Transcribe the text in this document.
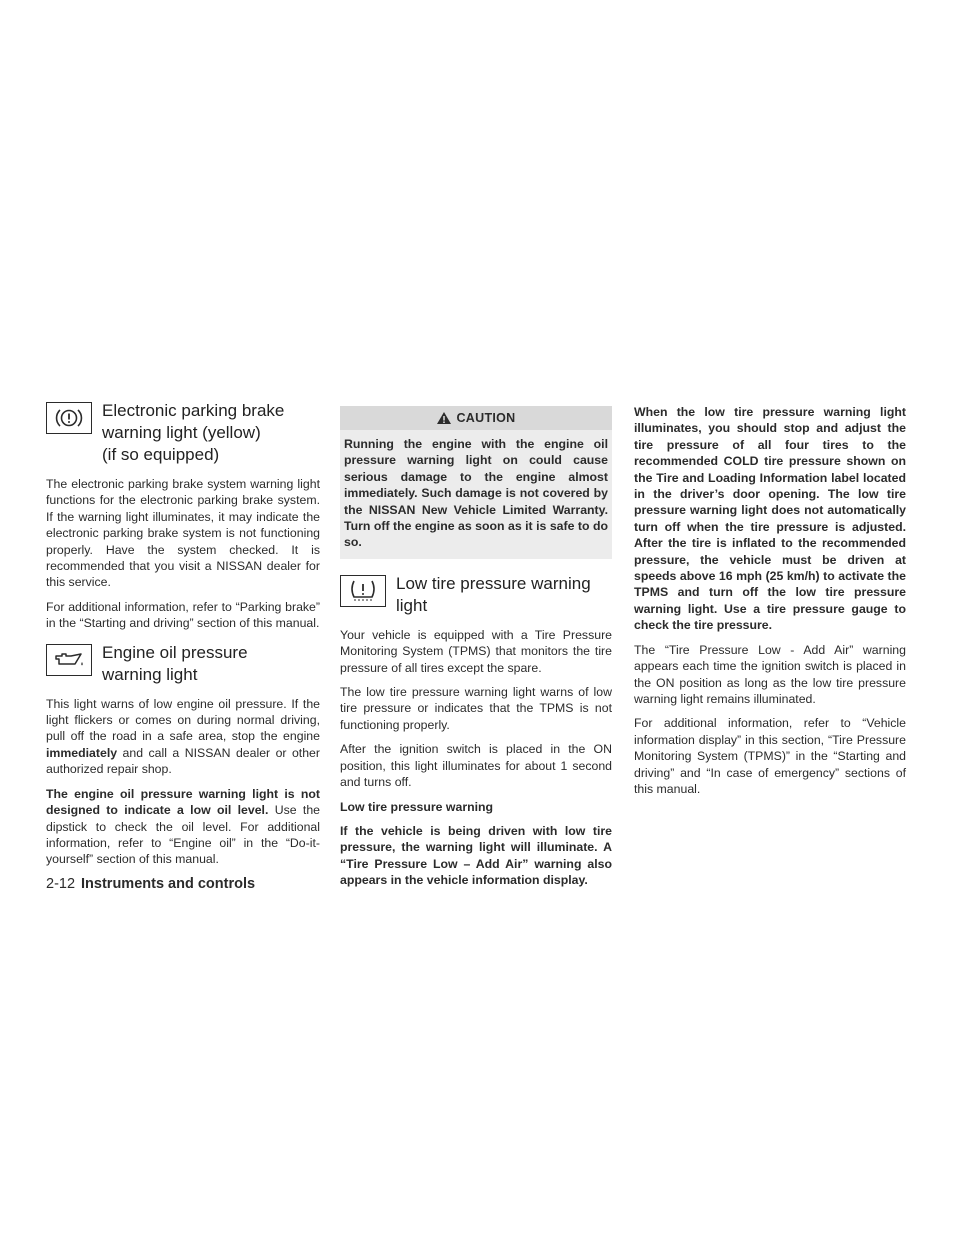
Electronic parking brake
warning light (yellow)
(if so equipped)

The electronic parking brake system warning light functions for the electronic parking brake system. If the warning light illuminates, it may indicate the electronic parking brake system is not functioning properly. Have the system checked. It is recommended that you visit a NISSAN dealer for this service.

For additional information, refer to “Parking brake” in the “Starting and driving” section of this manual.

Engine oil pressure
warning light

This light warns of low engine oil pressure. If the light flickers or comes on during normal driving, pull off the road in a safe area, stop the engine immediately and call a NISSAN dealer or other authorized repair shop.

The engine oil pressure warning light is not designed to indicate a low oil level. Use the dipstick to check the oil level. For additional information, refer to “Engine oil” in the “Do-it-yourself” section of this manual.

CAUTION
Running the engine with the engine oil pressure warning light on could cause serious damage to the engine almost immediately. Such damage is not covered by the NISSAN New Vehicle Limited Warranty. Turn off the engine as soon as it is safe to do so.
Low tire pressure warning
light

Your vehicle is equipped with a Tire Pressure Monitoring System (TPMS) that monitors the tire pressure of all tires except the spare.

The low tire pressure warning light warns of low tire pressure or indicates that the TPMS is not functioning properly.

After the ignition switch is placed in the ON position, this light illuminates for about 1 second and turns off.

Low tire pressure warning

If the vehicle is being driven with low tire pressure, the warning light will illuminate. A “Tire Pressure Low – Add Air” warning also appears in the vehicle information display.

When the low tire pressure warning light illuminates, you should stop and adjust the tire pressure of all four tires to the recommended COLD tire pressure shown on the Tire and Loading Information label located in the driver’s door opening. The low tire pressure warning light does not automatically turn off when the tire pressure is adjusted. After the tire is inflated to the recommended pressure, the vehicle must be driven at speeds above 16 mph (25 km/h) to activate the TPMS and turn off the low tire pressure warning light. Use a tire pressure gauge to check the tire pressure.

The “Tire Pressure Low - Add Air” warning appears each time the ignition switch is placed in the ON position as long as the low tire pressure warning light remains illuminated.

For additional information, refer to “Vehicle information display” in this section, “Tire Pressure Monitoring System (TPMS)” in the “Starting and driving” and “In case of emergency” sections of this manual.

2-12 Instruments and controls
